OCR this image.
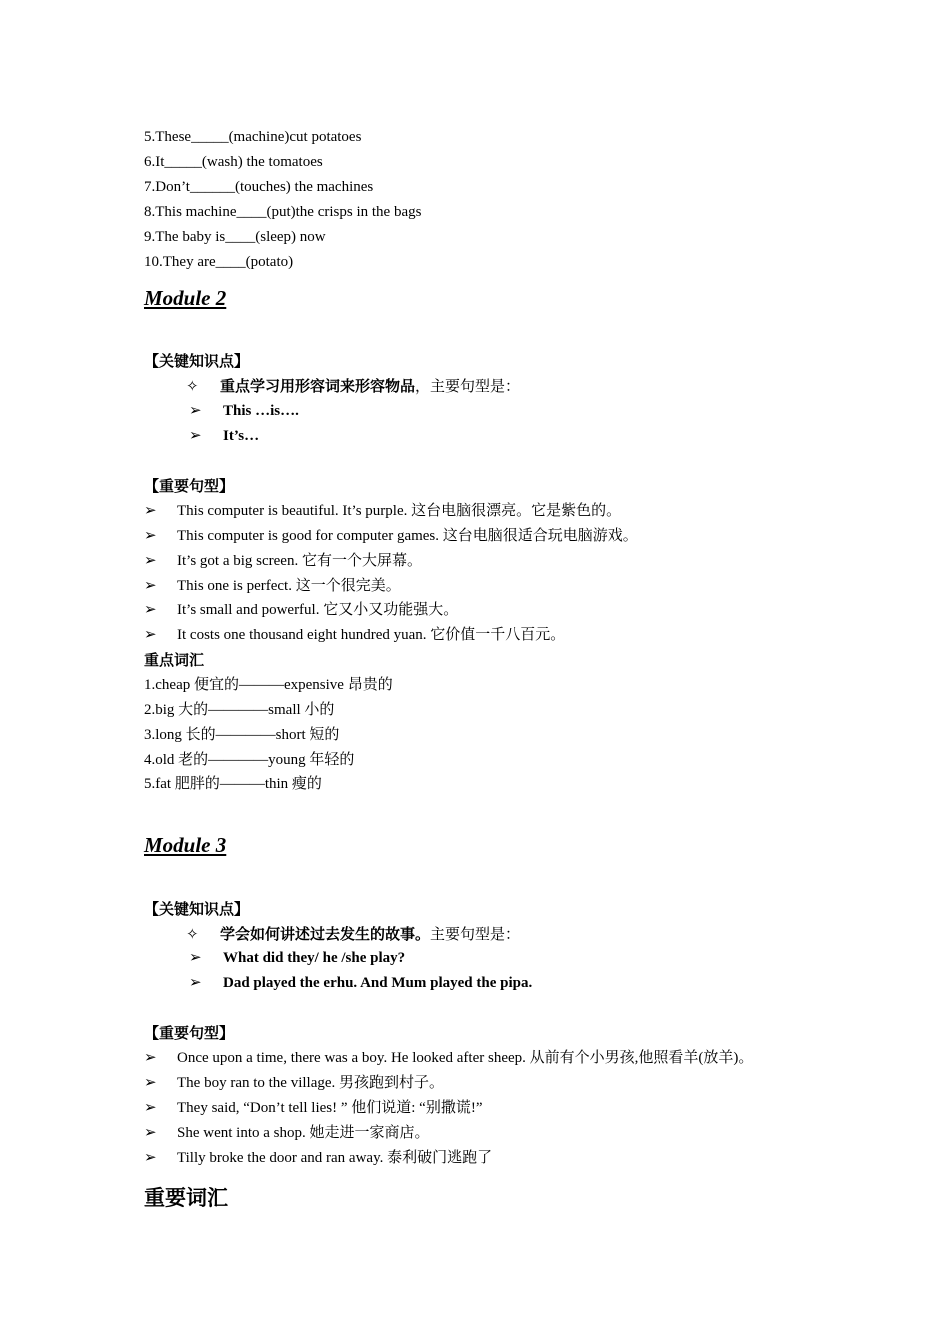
5.These_____(machine)cut potatoes
6.It_____(wash) the tomatoes
7.Don’t______(touches) the machines
8.This machine____(put)the crisps in the bags
9.The baby is____(sleep) now
10.They are____(potato)
Module 2
【关键知识点】
✧ 重点学习用形容词来形容物品，主要句型是：
➢ This …is….
➢ It’s…
【重要句型】
➢ This computer is beautiful. It’s purple. 这台电脑很漂亮。它是紫色的。
➢ This computer is good for computer games. 这台电脑很适合玩电脑游戏。
➢ It’s got a big screen. 它有一个大屏幕。
➢ This one is perfect. 这一个很完美。
➢ It’s small and powerful. 它又小又功能强大。
➢ It costs one thousand eight hundred yuan. 它价值一千八百元。
重点词汇
1.cheap 便宜的———expensive 昂贵的
2.big 大的————small 小的
3.long 长的————short 短的
4.old 老的————young 年轻的
5.fat 肥胖的———thin 瘦的
Module 3
【关键知识点】
✧ 学会如何讲述过去发生的故事。主要句型是：
➢ What did they/ he /she play?
➢ Dad played the erhu. And Mum played the pipa.
【重要句型】
➢ Once upon a time, there was a boy. He looked after sheep. 从前有个小男孩,他照看羊(放羊)。
➢ The boy ran to the village. 男孩跑到村子。
➢ They said, “Don’t tell lies! ” 他们说道: “别撒谎!”
➢ She went into a shop. 她走进一家商店。
➢ Tilly broke the door and ran away. 泰利破门逃跑了
重要词汇
